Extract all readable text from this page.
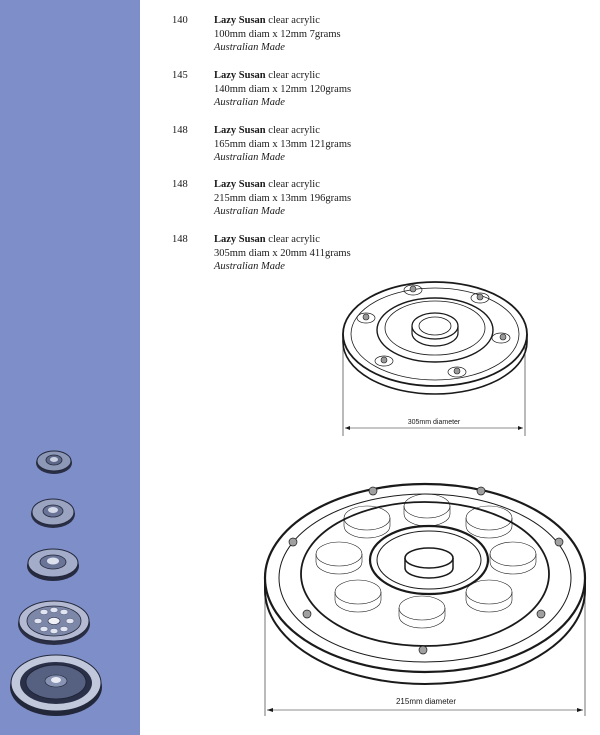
140	Lazy Susan clear acrylic
100mm diam x 12mm 7grams
Australian Made
145	Lazy Susan clear acrylic
140mm diam x 12mm 120grams
Australian Made
148	Lazy Susan clear acrylic
165mm diam x 13mm 121grams
Australian Made
148	Lazy Susan clear acrylic
215mm diam x 13mm 196grams
Australian Made
148	Lazy Susan clear acrylic
305mm diam x 20mm 411grams
Australian Made
305mm diameter
215mm diameter
